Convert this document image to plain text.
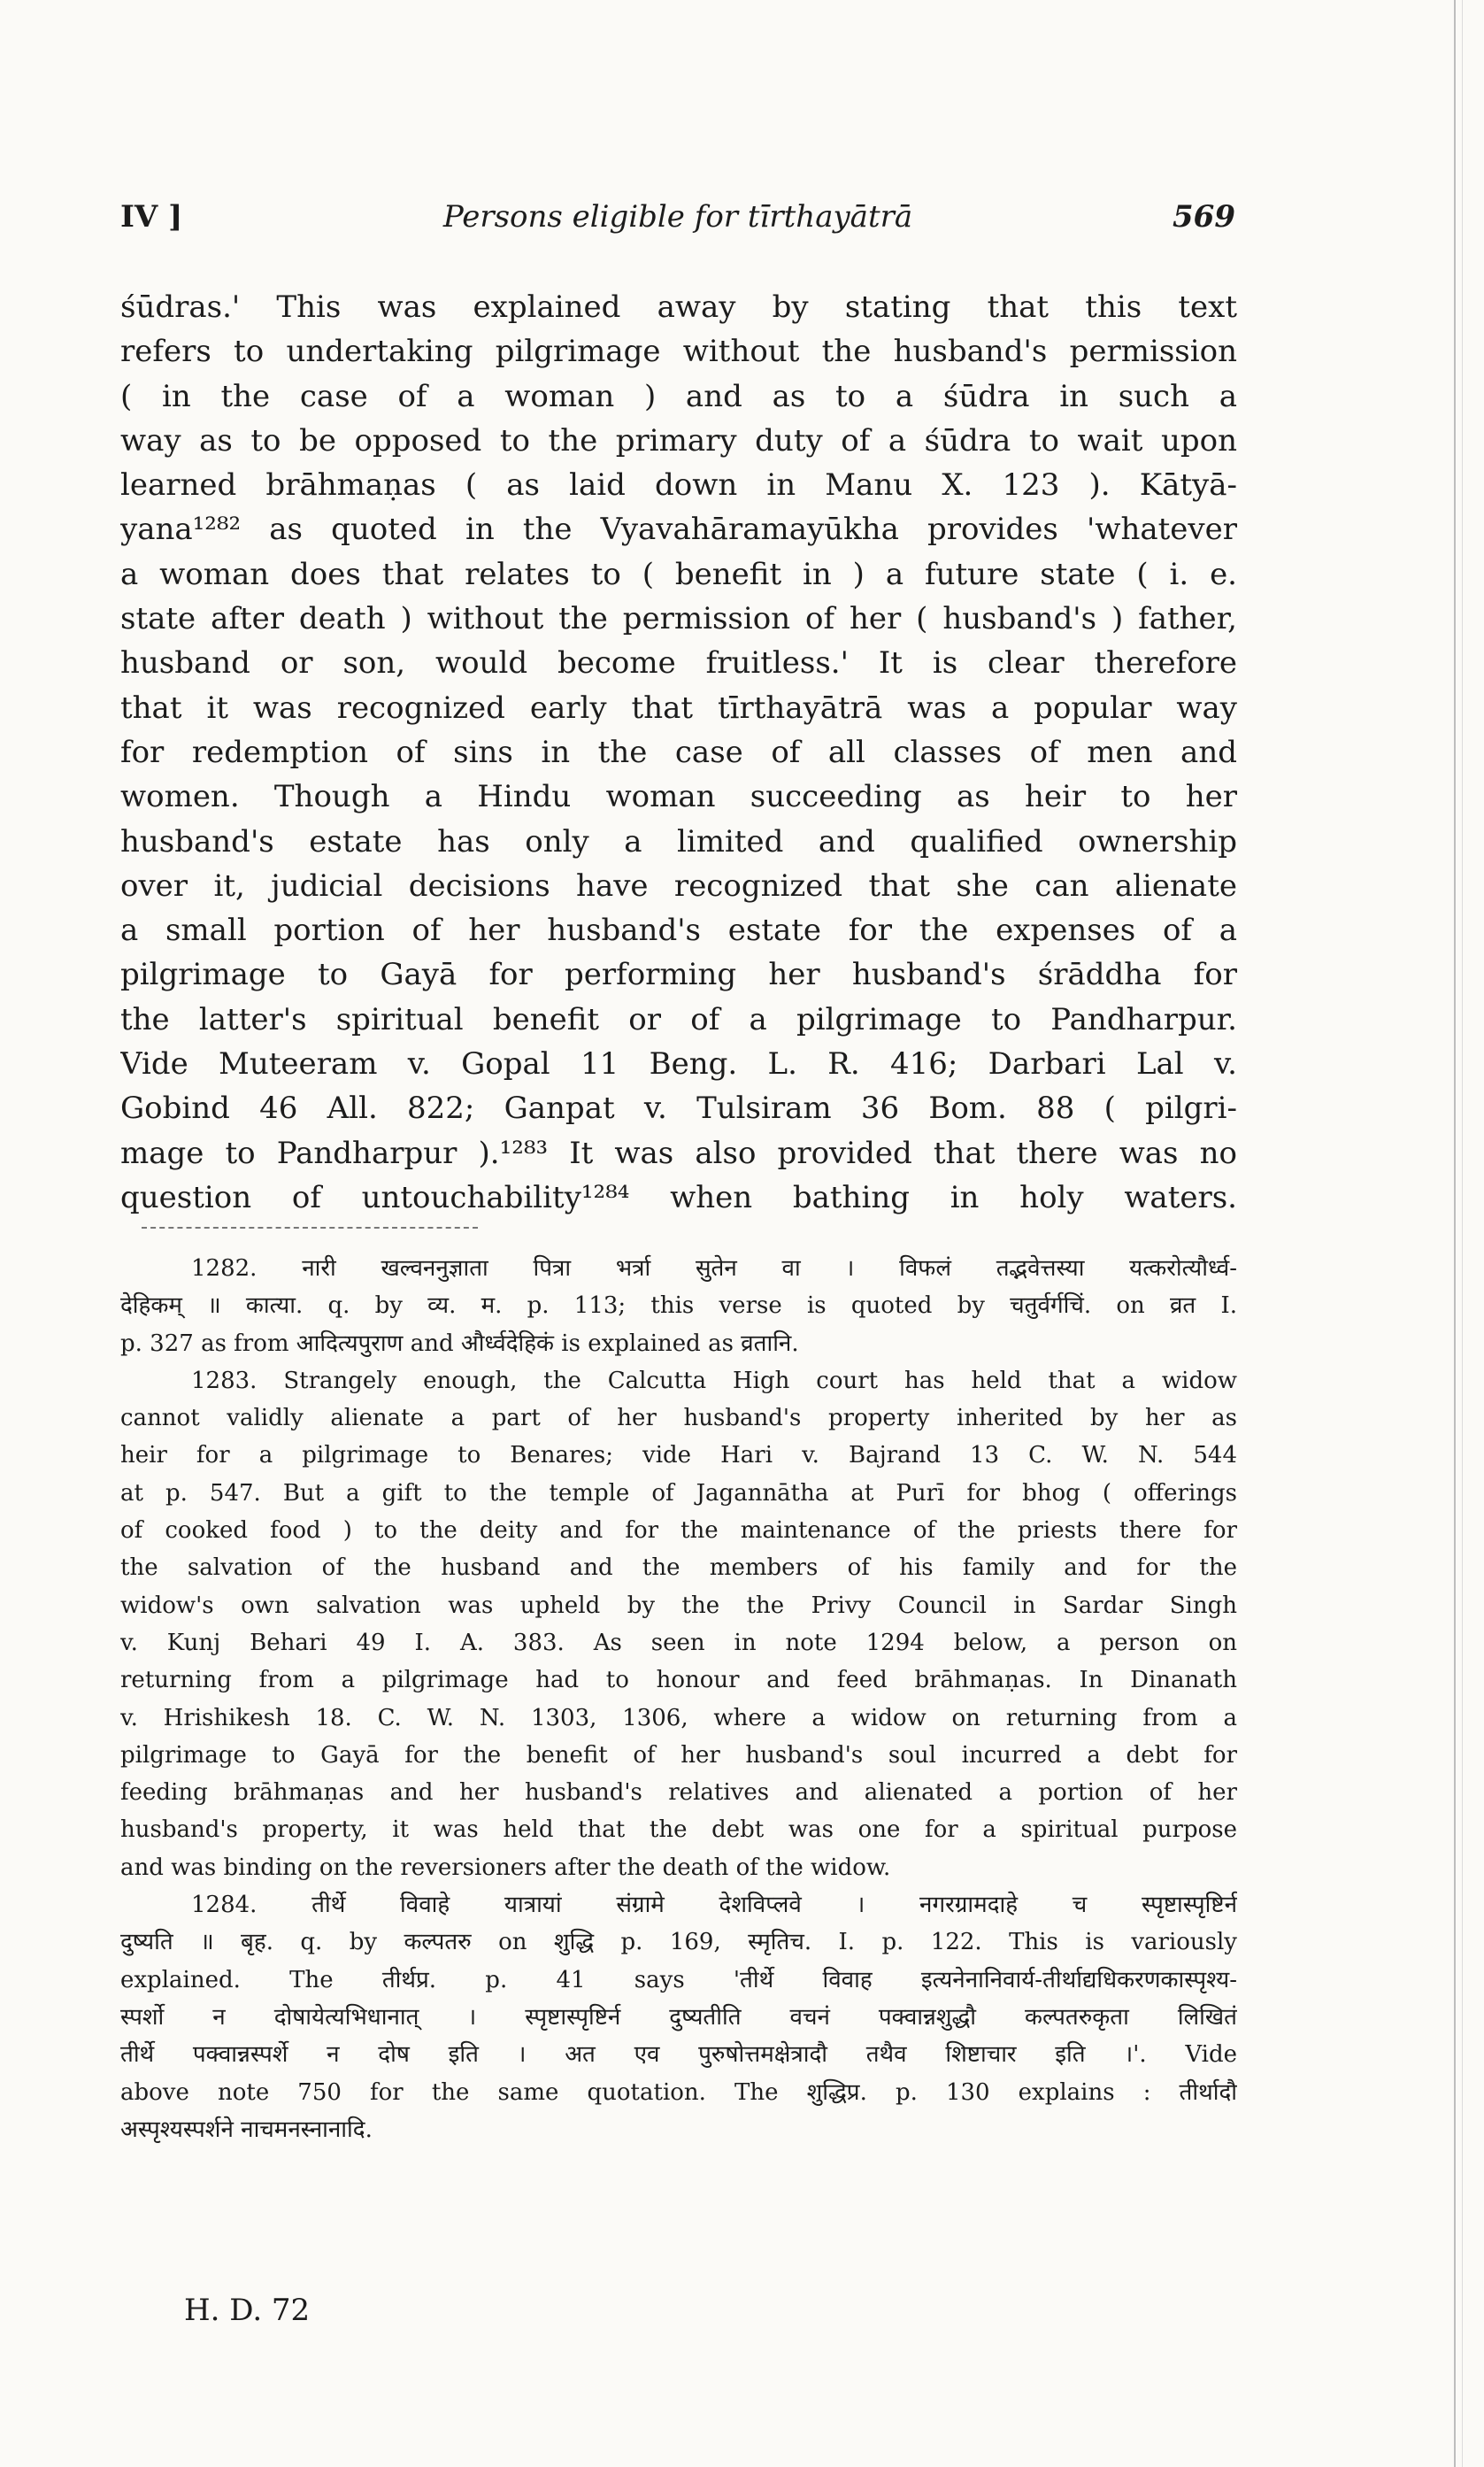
IV ]	Persons eligible for tīrthayātrā	569
śūdras.' This was explained away by stating that this text
refers to undertaking pilgrimage without the husband's permission
( in the case of a woman ) and as to a śūdra in such a
way as to be opposed to the primary duty of a śūdra to wait upon
learned brāhmaṇas ( as laid down in Manu X. 123 ). Kātyā-
yana¹²⁸² as quoted in the Vyavahāramayūkha provides 'whatever
a woman does that relates to ( benefit in ) a future state ( i. e.
state after death ) without the permission of her ( husband's ) father,
husband or son, would become fruitless.' It is clear therefore
that it was recognized early that tīrthayātrā was a popular way
for redemption of sins in the case of all classes of men and
women. Though a Hindu woman succeeding as heir to her
husband's estate has only a limited and qualified ownership
over it, judicial decisions have recognized that she can alienate
a small portion of her husband's estate for the expenses of a
pilgrimage to Gayā for performing her husband's śrāddha for
the latter's spiritual benefit or of a pilgrimage to Pandharpur.
Vide Muteeram v. Gopal 11 Beng. L. R. 416; Darbari Lal v.
Gobind 46 All. 822; Ganpat v. Tulsiram 36 Bom. 88 ( pilgri-
mage to Pandharpur ).¹²⁸³ It was also provided that there was no
question of untouchability¹²⁸⁴ when bathing in holy waters.
1282. नारी खल्वननुज्ञाता पित्रा भर्त्रा सुतेन वा । विफलं तद्भवेत्तस्या यत्करोत्यौर्ध्व-
देहिकम् ॥ कात्या. q. by व्य. म. p. 113; this verse is quoted by चतुर्वर्गचिं. on व्रत I.
p. 327 as from आदित्यपुराण and और्ध्वदेहिकं is explained as व्रतानि.
1283. Strangely enough, the Calcutta High court has held that a widow
cannot validly alienate a part of her husband's property inherited by her as
heir for a pilgrimage to Benares; vide Hari v. Bajrand 13 C. W. N. 544
at p. 547. But a gift to the temple of Jagannātha at Purī for bhog ( offerings
of cooked food ) to the deity and for the maintenance of the priests there for
the salvation of the husband and the members of his family and for the
widow's own salvation was upheld by the the Privy Council in Sardar Singh
v. Kunj Behari 49 I. A. 383. As seen in note 1294 below, a person on
returning from a pilgrimage had to honour and feed brāhmaṇas. In Dinanath
v. Hrishikesh 18. C. W. N. 1303, 1306, where a widow on returning from a
pilgrimage to Gayā for the benefit of her husband's soul incurred a debt for
feeding brāhmaṇas and her husband's relatives and alienated a portion of her
husband's property, it was held that the debt was one for a spiritual purpose
and was binding on the reversioners after the death of the widow.
1284. तीर्थे विवाहे यात्रायां संग्रामे देशविप्लवे । नगरग्रामदाहे च स्पृष्टास्पृष्टिर्न
दुष्यति ॥ बृह. q. by कल्पतरु on शुद्धि p. 169, स्मृतिच. I. p. 122. This is variously
explained. The तीर्थप्र. p. 41 says 'तीर्थे विवाह इत्यनेनानिवार्य-तीर्थाद्यधिकरणकास्पृश्य-
स्पर्शो न दोषायेत्यभिधानात् । स्पृष्टास्पृष्टिर्न दुष्यतीति वचनं पक्वान्नशुद्धौ कल्पतरुकृता लिखितं
तीर्थे पक्वान्नस्पर्शे न दोष इति । अत एव पुरुषोत्तमक्षेत्रादौ तथैव शिष्टाचार इति ।'. Vide
above note 750 for the same quotation. The शुद्धिप्र. p. 130 explains : तीर्थादौ
अस्पृश्यस्पर्शने नाचमनस्नानादि.
H. D. 72
